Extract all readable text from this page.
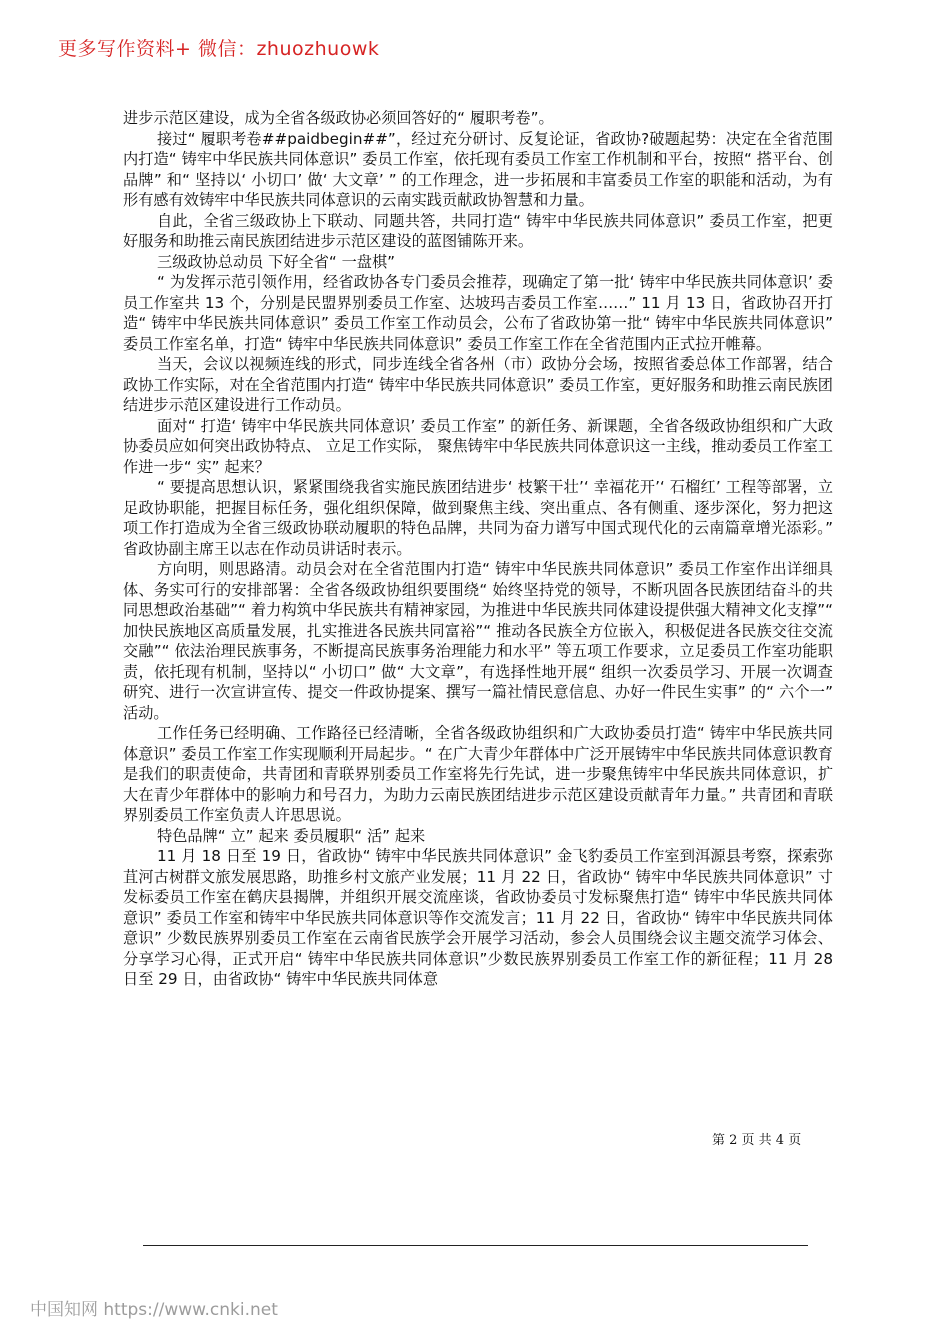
更多写作资料+ 微信：zhuozhuowk

进步示范区建设，成为全省各级政协必须回答好的“ 履职考卷”。

接过“ 履职考卷##paidbegin##”，经过充分研讨、反复论证，省政协?破题起势：决定在全省范围内打造“ 铸牢中华民族共同体意识” 委员工作室，依托现有委员工作室工作机制和平台，按照“ 搭平台、创品牌” 和“ 坚持以‘ 小切口’ 做‘ 大文章’ ” 的工作理念，进一步拓展和丰富委员工作室的职能和活动，为有形有感有效铸牢中华民族共同体意识的云南实践贡献政协智慧和力量。

自此，全省三级政协上下联动、同题共答，共同打造“ 铸牢中华民族共同体意识” 委员工作室，把更好服务和助推云南民族团结进步示范区建设的蓝图铺陈开来。

三级政协总动员 下好全省“ 一盘棋”

“ 为发挥示范引领作用，经省政协各专门委员会推荐，现确定了第一批‘ 铸牢中华民族共同体意识’ 委员工作室共 13 个，分别是民盟界别委员工作室、达坡玛吉委员工作室……” 11 月 13 日，省政协召开打造“ 铸牢中华民族共同体意识” 委员工作室工作动员会，公布了省政协第一批“ 铸牢中华民族共同体意识” 委员工作室名单，打造“ 铸牢中华民族共同体意识” 委员工作室工作在全省范围内正式拉开帷幕。

当天，会议以视频连线的形式，同步连线全省各州（市）政协分会场，按照省委总体工作部署，结合政协工作实际，对在全省范围内打造“ 铸牢中华民族共同体意识” 委员工作室，更好服务和助推云南民族团结进步示范区建设进行工作动员。

面对“ 打造‘ 铸牢中华民族共同体意识’ 委员工作室” 的新任务、新课题，全省各级政协组织和广大政协委员应如何突出政协特点、 立足工作实际， 聚焦铸牢中华民族共同体意识这一主线，推动委员工作室工作进一步“ 实” 起来？

“ 要提高思想认识，紧紧围绕我省实施民族团结进步‘ 枝繁干壮’‘ 幸福花开’‘ 石榴红’ 工程等部署，立足政协职能，把握目标任务，强化组织保障，做到聚焦主线、突出重点、各有侧重、逐步深化，努力把这项工作打造成为全省三级政协联动履职的特色品牌，共同为奋力谱写中国式现代化的云南篇章增光添彩。” 省政协副主席王以志在作动员讲话时表示。

方向明，则思路清。动员会对在全省范围内打造“ 铸牢中华民族共同体意识” 委员工作室作出详细具体、务实可行的安排部署：全省各级政协组织要围绕“ 始终坚持党的领导，不断巩固各民族团结奋斗的共同思想政治基础”“ 着力构筑中华民族共有精神家园，为推进中华民族共同体建设提供强大精神文化支撑”“ 加快民族地区高质量发展，扎实推进各民族共同富裕”“ 推动各民族全方位嵌入，积极促进各民族交往交流交融”“ 依法治理民族事务，不断提高民族事务治理能力和水平” 等五项工作要求，立足委员工作室功能职责，依托现有机制，坚持以“ 小切口” 做“ 大文章”，有选择性地开展“ 组织一次委员学习、开展一次调查研究、进行一次宣讲宣传、提交一件政协提案、撰写一篇社情民意信息、办好一件民生实事” 的“ 六个一” 活动。

工作任务已经明确、工作路径已经清晰，全省各级政协组织和广大政协委员打造“ 铸牢中华民族共同体意识” 委员工作室工作实现顺利开局起步。“ 在广大青少年群体中广泛开展铸牢中华民族共同体意识教育是我们的职责使命，共青团和青联界别委员工作室将先行先试，进一步聚焦铸牢中华民族共同体意识，扩大在青少年群体中的影响力和号召力，为助力云南民族团结进步示范区建设贡献青年力量。” 共青团和青联界别委员工作室负责人许思思说。

特色品牌“ 立” 起来 委员履职“ 活” 起来

11 月 18 日至 19 日，省政协“ 铸牢中华民族共同体意识” 金飞豹委员工作室到洱源县考察，探索弥苴河古树群文旅发展思路，助推乡村文旅产业发展；11 月 22 日，省政协“ 铸牢中华民族共同体意识” 寸发标委员工作室在鹤庆县揭牌，并组织开展交流座谈，省政协委员寸发标聚焦打造“ 铸牢中华民族共同体意识” 委员工作室和铸牢中华民族共同体意识等作交流发言；11 月 22 日，省政协“ 铸牢中华民族共同体意识” 少数民族界别委员工作室在云南省民族学会开展学习活动，参会人员围绕会议主题交流学习体会、分享学习心得，正式开启“ 铸牢中华民族共同体意识”少数民族界别委员工作室工作的新征程；11 月 28 日至 29 日，由省政协“ 铸牢中华民族共同体意

第 2 页 共 4 页
中国知网 https://www.cnki.net
